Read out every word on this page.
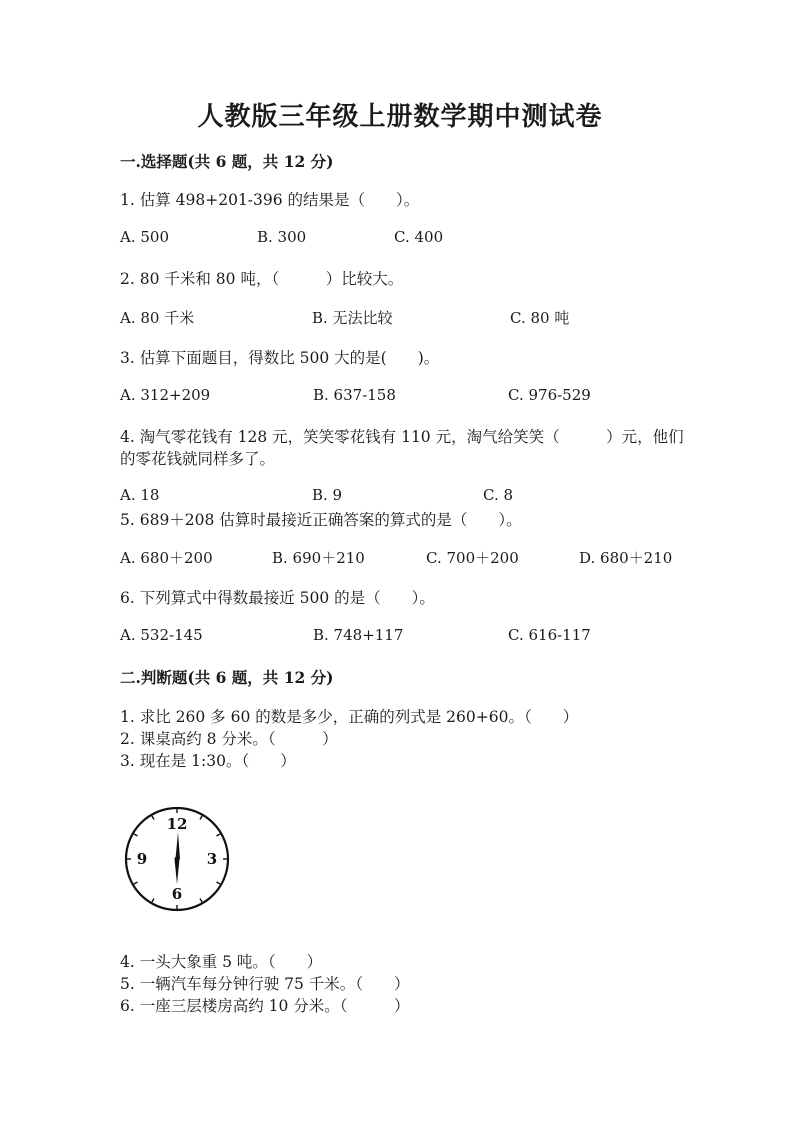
人教版三年级上册数学期中测试卷
一.选择题(共 6 题，共 12 分)
1. 估算 498+201-396 的结果是（　　）。
A. 500	B. 300	C. 400
2. 80 千米和 80 吨，（　　　）比较大。
A. 80 千米	B. 无法比较	C. 80 吨
3. 估算下面题目，得数比 500 大的是(　　)。
A. 312+209	B. 637-158	C. 976-529
4. 淘气零花钱有 128 元，笑笑零花钱有 110 元，淘气给笑笑（　　　）元，他们
的零花钱就同样多了。
A. 18	B. 9	C. 8
5. 689＋208 估算时最接近正确答案的算式的是（　　）。
A. 680＋200	B. 690＋210	C. 700＋200	D. 680＋210
6. 下列算式中得数最接近 500 的是（　　）。
A. 532-145	B. 748+117	C. 616-117
二.判断题(共 6 题，共 12 分)
1. 求比 260 多 60 的数是多少，正确的列式是 260+60。（　　）
2. 课桌高约 8 分米。（　　　）
3. 现在是 1:30。（　　）
12
3
6
9
4. 一头大象重 5 吨。（　　）
5. 一辆汽车每分钟行驶 75 千米。（　　）
6. 一座三层楼房高约 10 分米。（　　　）
